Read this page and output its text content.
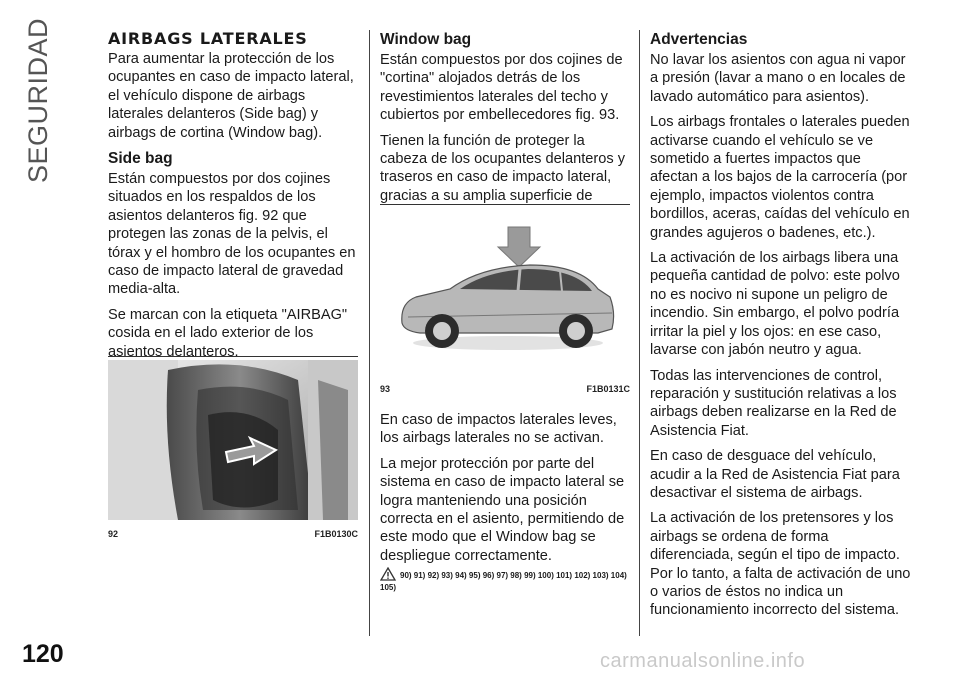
SEGURIDAD	AIRBAGS LATERALES

Para aumentar la protección de los ocupantes en caso de impacto lateral, el vehículo dispone de airbags laterales delanteros (Side bag) y airbags de cortina (Window bag).

Side bag

Están compuestos por dos cojines situados en los respaldos de los asientos delanteros fig. 92 que protegen las zonas de la pelvis, el tórax y el hombro de los ocupantes en caso de impacto lateral de gravedad media-alta.

Se marcan con la etiqueta "AIRBAG" cosida en el lado exterior de los asientos delanteros.

92	F1B0130C
Window bag

Están compuestos por dos cojines de "cortina" alojados detrás de los revestimientos laterales del techo y cubiertos por embellecedores fig. 93.

Tienen la función de proteger la cabeza de los ocupantes delanteros y traseros en caso de impacto lateral, gracias a su amplia superficie de

93	F1B0131C

En caso de impactos laterales leves, los airbags laterales no se activan.

La mejor protección por parte del sistema en caso de impacto lateral se logra manteniendo una posición correcta en el asiento, permitiendo de este modo que el Window bag se despliegue correctamente.

90) 91) 92) 93) 94) 95) 96) 97) 98) 99) 100) 101) 102) 103) 104) 105)
Advertencias

No lavar los asientos con agua ni vapor a presión (lavar a mano o en locales de lavado automático para asientos).

Los airbags frontales o laterales pueden activarse cuando el vehículo se ve sometido a fuertes impactos que afectan a los bajos de la carrocería (por ejemplo, impactos violentos contra bordillos, aceras, caídas del vehículo en grandes agujeros o badenes, etc.).

La activación de los airbags libera una pequeña cantidad de polvo: este polvo no es nocivo ni supone un peligro de incendio. Sin embargo, el polvo podría irritar la piel y los ojos: en ese caso, lavarse con jabón neutro y agua.

Todas las intervenciones de control, reparación y sustitución relativas a los airbags deben realizarse en la Red de Asistencia Fiat.

En caso de desguace del vehículo, acudir a la Red de Asistencia Fiat para desactivar el sistema de airbags.

La activación de los pretensores y los airbags se ordena de forma diferenciada, según el tipo de impacto. Por lo tanto, a falta de activación de uno o varios de éstos no indica un funcionamiento incorrecto del sistema.

120	carmanualsonline.info
